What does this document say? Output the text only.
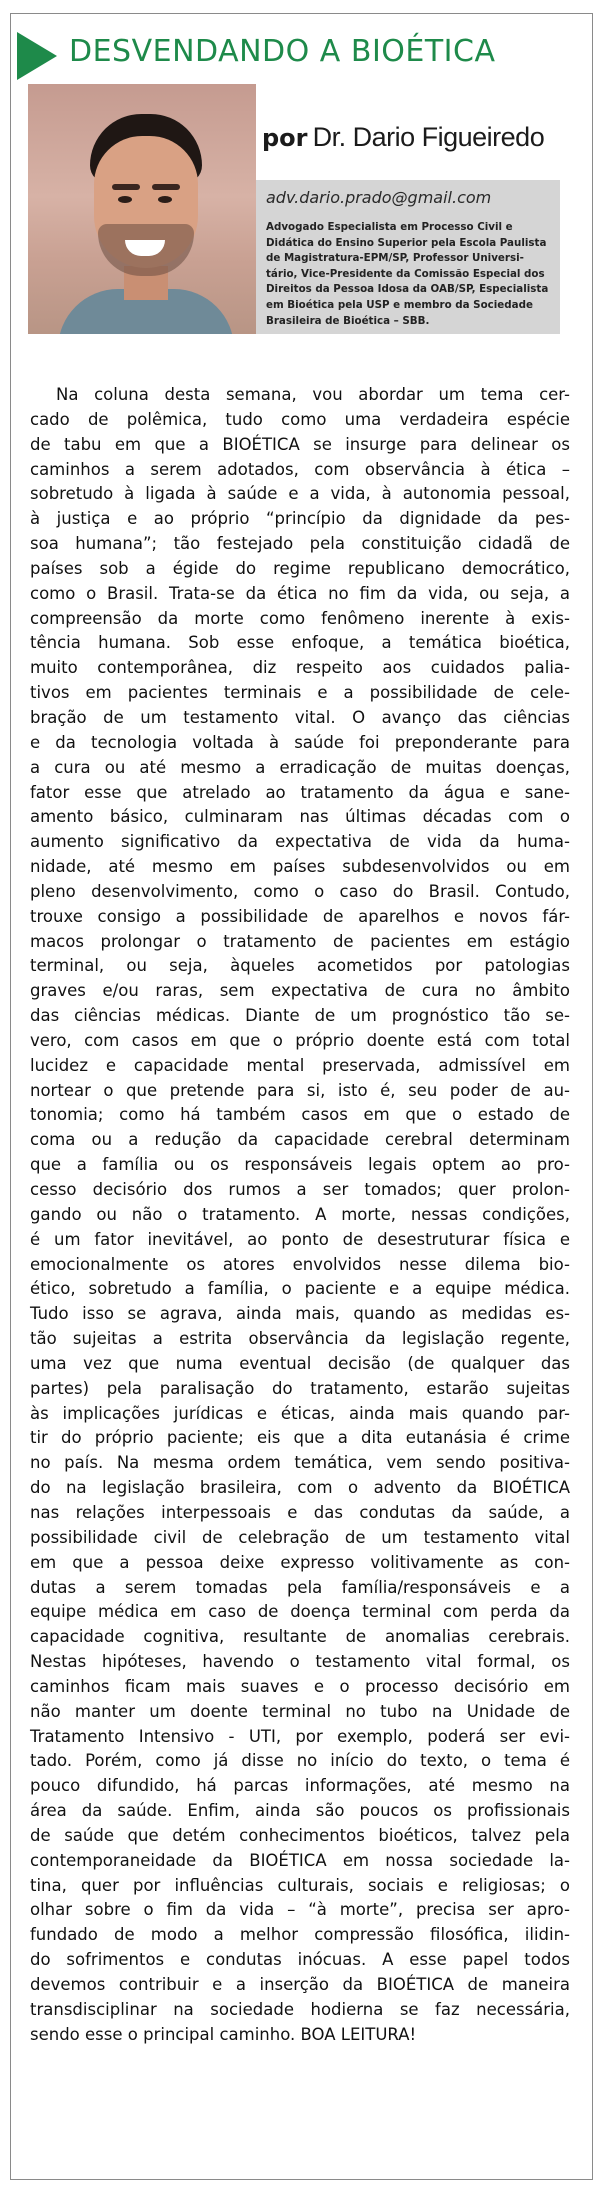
DESVENDANDO A BIOÉTICA
por Dr. Dario Figueiredo
adv.dario.prado@gmail.com
Advogado Especialista em Processo Civil e
Didática do Ensino Superior pela Escola Paulista
de Magistratura-EPM/SP, Professor Universi-
tário, Vice-Presidente da Comissão Especial dos
Direitos da Pessoa Idosa da OAB/SP, Especialista
em Bioética pela USP e membro da Sociedade
Brasileira de Bioética – SBB.
Na coluna desta semana, vou abordar um tema cer-
cado de polêmica, tudo como uma verdadeira espécie
de tabu em que a BIOÉTICA se insurge para delinear os
caminhos a serem adotados, com observância à ética –
sobretudo à ligada à saúde e a vida, à autonomia pessoal,
à justiça e ao próprio “princípio da dignidade da pes-
soa humana”; tão festejado pela constituição cidadã de
países sob a égide do regime republicano democrático,
como o Brasil. Trata-se da ética no fim da vida, ou seja, a
compreensão da morte como fenômeno inerente à exis-
tência humana. Sob esse enfoque, a temática bioética,
muito contemporânea, diz respeito aos cuidados palia-
tivos em pacientes terminais e a possibilidade de cele-
bração de um testamento vital. O avanço das ciências
e da tecnologia voltada à saúde foi preponderante para
a cura ou até mesmo a erradicação de muitas doenças,
fator esse que atrelado ao tratamento da água e sane-
amento básico, culminaram nas últimas décadas com o
aumento significativo da expectativa de vida da huma-
nidade, até mesmo em países subdesenvolvidos ou em
pleno desenvolvimento, como o caso do Brasil. Contudo,
trouxe consigo a possibilidade de aparelhos e novos fár-
macos prolongar o tratamento de pacientes em estágio
terminal, ou seja, àqueles acometidos por patologias
graves e/ou raras, sem expectativa de cura no âmbito
das ciências médicas. Diante de um prognóstico tão se-
vero, com casos em que o próprio doente está com total
lucidez e capacidade mental preservada, admissível em
nortear o que pretende para si, isto é, seu poder de au-
tonomia; como há também casos em que o estado de
coma ou a redução da capacidade cerebral determinam
que a família ou os responsáveis legais optem ao pro-
cesso decisório dos rumos a ser tomados; quer prolon-
gando ou não o tratamento. A morte, nessas condições,
é um fator inevitável, ao ponto de desestruturar física e
emocionalmente os atores envolvidos nesse dilema bio-
ético, sobretudo a família, o paciente e a equipe médica.
Tudo isso se agrava, ainda mais, quando as medidas es-
tão sujeitas a estrita observância da legislação regente,
uma vez que numa eventual decisão (de qualquer das
partes) pela paralisação do tratamento, estarão sujeitas
às implicações jurídicas e éticas, ainda mais quando par-
tir do próprio paciente; eis que a dita eutanásia é crime
no país. Na mesma ordem temática, vem sendo positiva-
do na legislação brasileira, com o advento da BIOÉTICA
nas relações interpessoais e das condutas da saúde, a
possibilidade civil de celebração de um testamento vital
em que a pessoa deixe expresso volitivamente as con-
dutas a serem tomadas pela família/responsáveis e a
equipe médica em caso de doença terminal com perda da
capacidade cognitiva, resultante de anomalias cerebrais.
Nestas hipóteses, havendo o testamento vital formal, os
caminhos ficam mais suaves e o processo decisório em
não manter um doente terminal no tubo na Unidade de
Tratamento Intensivo - UTI, por exemplo, poderá ser evi-
tado. Porém, como já disse no início do texto, o tema é
pouco difundido, há parcas informações, até mesmo na
área da saúde. Enfim, ainda são poucos os profissionais
de saúde que detém conhecimentos bioéticos, talvez pela
contemporaneidade da BIOÉTICA em nossa sociedade la-
tina, quer por influências culturais, sociais e religiosas; o
olhar sobre o fim da vida – “à morte”, precisa ser apro-
fundado de modo a melhor compressão filosófica, ilidin-
do sofrimentos e condutas inócuas. A esse papel todos
devemos contribuir e a inserção da BIOÉTICA de maneira
transdisciplinar na sociedade hodierna se faz necessária,
sendo esse o principal caminho. BOA LEITURA!
